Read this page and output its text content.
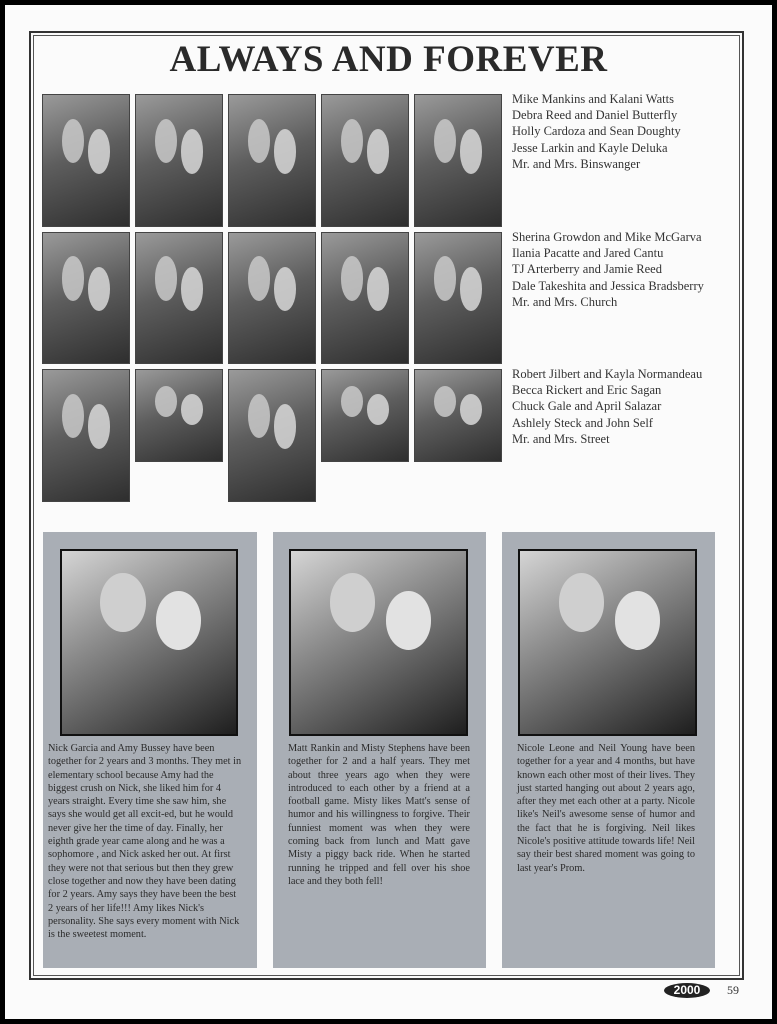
ALWAYS AND FOREVER
Mike Mankins and Kalani Watts
Debra Reed and Daniel Butterfly
Holly Cardoza and Sean Doughty
Jesse Larkin and Kayle Deluka
Mr. and Mrs. Binswanger
Sherina Growdon and Mike McGarva
Ilania Pacatte and Jared Cantu
TJ Arterberry and Jamie Reed
Dale Takeshita and Jessica Bradsberry
Mr. and Mrs. Church
Robert Jilbert and Kayla Normandeau
Becca Rickert and Eric Sagan
Chuck Gale and April Salazar
Ashlely Steck and John Self
Mr. and Mrs. Street
Nick Garcia and Amy Bussey have been together for 2 years and 3 months. They met in elementary school because Amy had the biggest crush on Nick, she liked him for 4 years straight. Every time she saw him, she says she would get all excit-ed, but he would never give her the time of day. Finally, her eighth grade year came along and he was a sophomore , and Nick asked her out. At first they were not that serious but then they grew close together and now they have been dating for 2 years. Amy says they have been the best 2 years of her life!!! Amy likes Nick's personality. She says every moment with Nick is the sweetest moment.
Matt Rankin and Misty Stephens have been together for 2 and a half years. They met about three years ago when they were introduced to each other by a friend at a football game. Misty likes Matt's sense of humor and his willingness to forgive. Their funniest moment was when they were coming back from lunch and Matt gave Misty a piggy back ride. When he started running he tripped and fell over his shoe lace and they both fell!
Nicole Leone and Neil Young have been together for a year and 4 months, but have known each other most of their lives. They just started hanging out about 2 years ago, after they met each other at a party. Nicole like's Neil's awesome sense of humor and the fact that he is forgiving. Neil likes Nicole's positive attitude towards life! Neil say their best shared moment was going to last year's Prom.
2000	59
